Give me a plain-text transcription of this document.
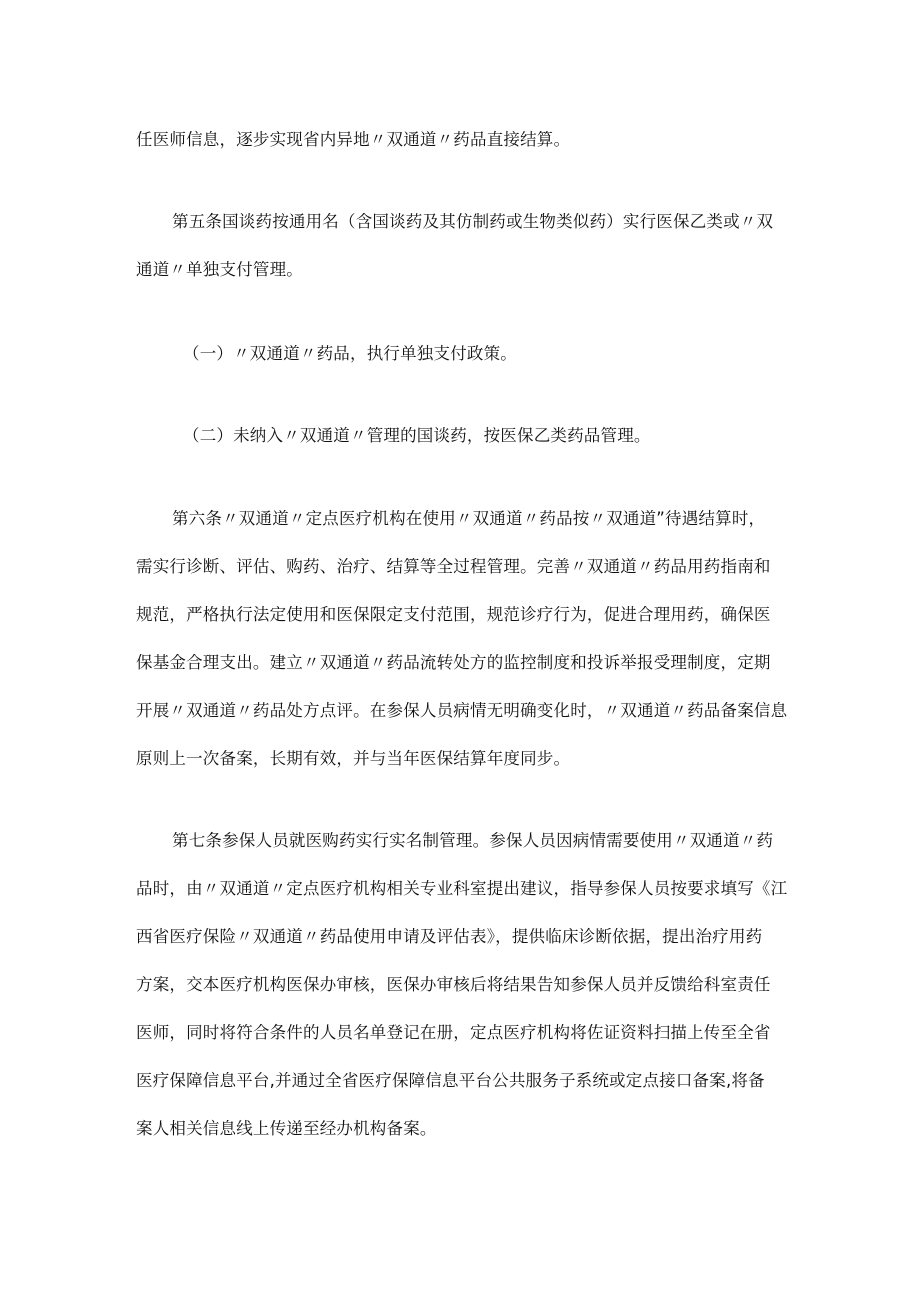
任医师信息，逐步实现省内异地〃双通道〃药品直接结算。
第五条国谈药按通用名（含国谈药及其仿制药或生物类似药）实行医保乙类或〃双
通道〃单独支付管理。
（一）〃双通道〃药品，执行单独支付政策。
（二）未纳入〃双通道〃管理的国谈药，按医保乙类药品管理。
第六条〃双通道〃定点医疗机构在使用〃双通道〃药品按〃双通道”待遇结算时，
需实行诊断、评估、购药、治疗、结算等全过程管理。完善〃双通道〃药品用药指南和
规范，严格执行法定使用和医保限定支付范围，规范诊疗行为，促进合理用药，确保医
保基金合理支出。建立〃双通道〃药品流转处方的监控制度和投诉举报受理制度，定期
开展〃双通道〃药品处方点评。在参保人员病情无明确变化时，〃双通道〃药品备案信息
原则上一次备案，长期有效，并与当年医保结算年度同步。
第七条参保人员就医购药实行实名制管理。参保人员因病情需要使用〃双通道〃药
品时，由〃双通道〃定点医疗机构相关专业科室提出建议，指导参保人员按要求填写《江
西省医疗保险〃双通道〃药品使用申请及评估表》，提供临床诊断依据，提出治疗用药
方案，交本医疗机构医保办审核，医保办审核后将结果告知参保人员并反馈给科室责任
医师，同时将符合条件的人员名单登记在册，定点医疗机构将佐证资料扫描上传至全省
医疗保障信息平台,并通过全省医疗保障信息平台公共服务子系统或定点接口备案,将备
案人相关信息线上传递至经办机构备案。
